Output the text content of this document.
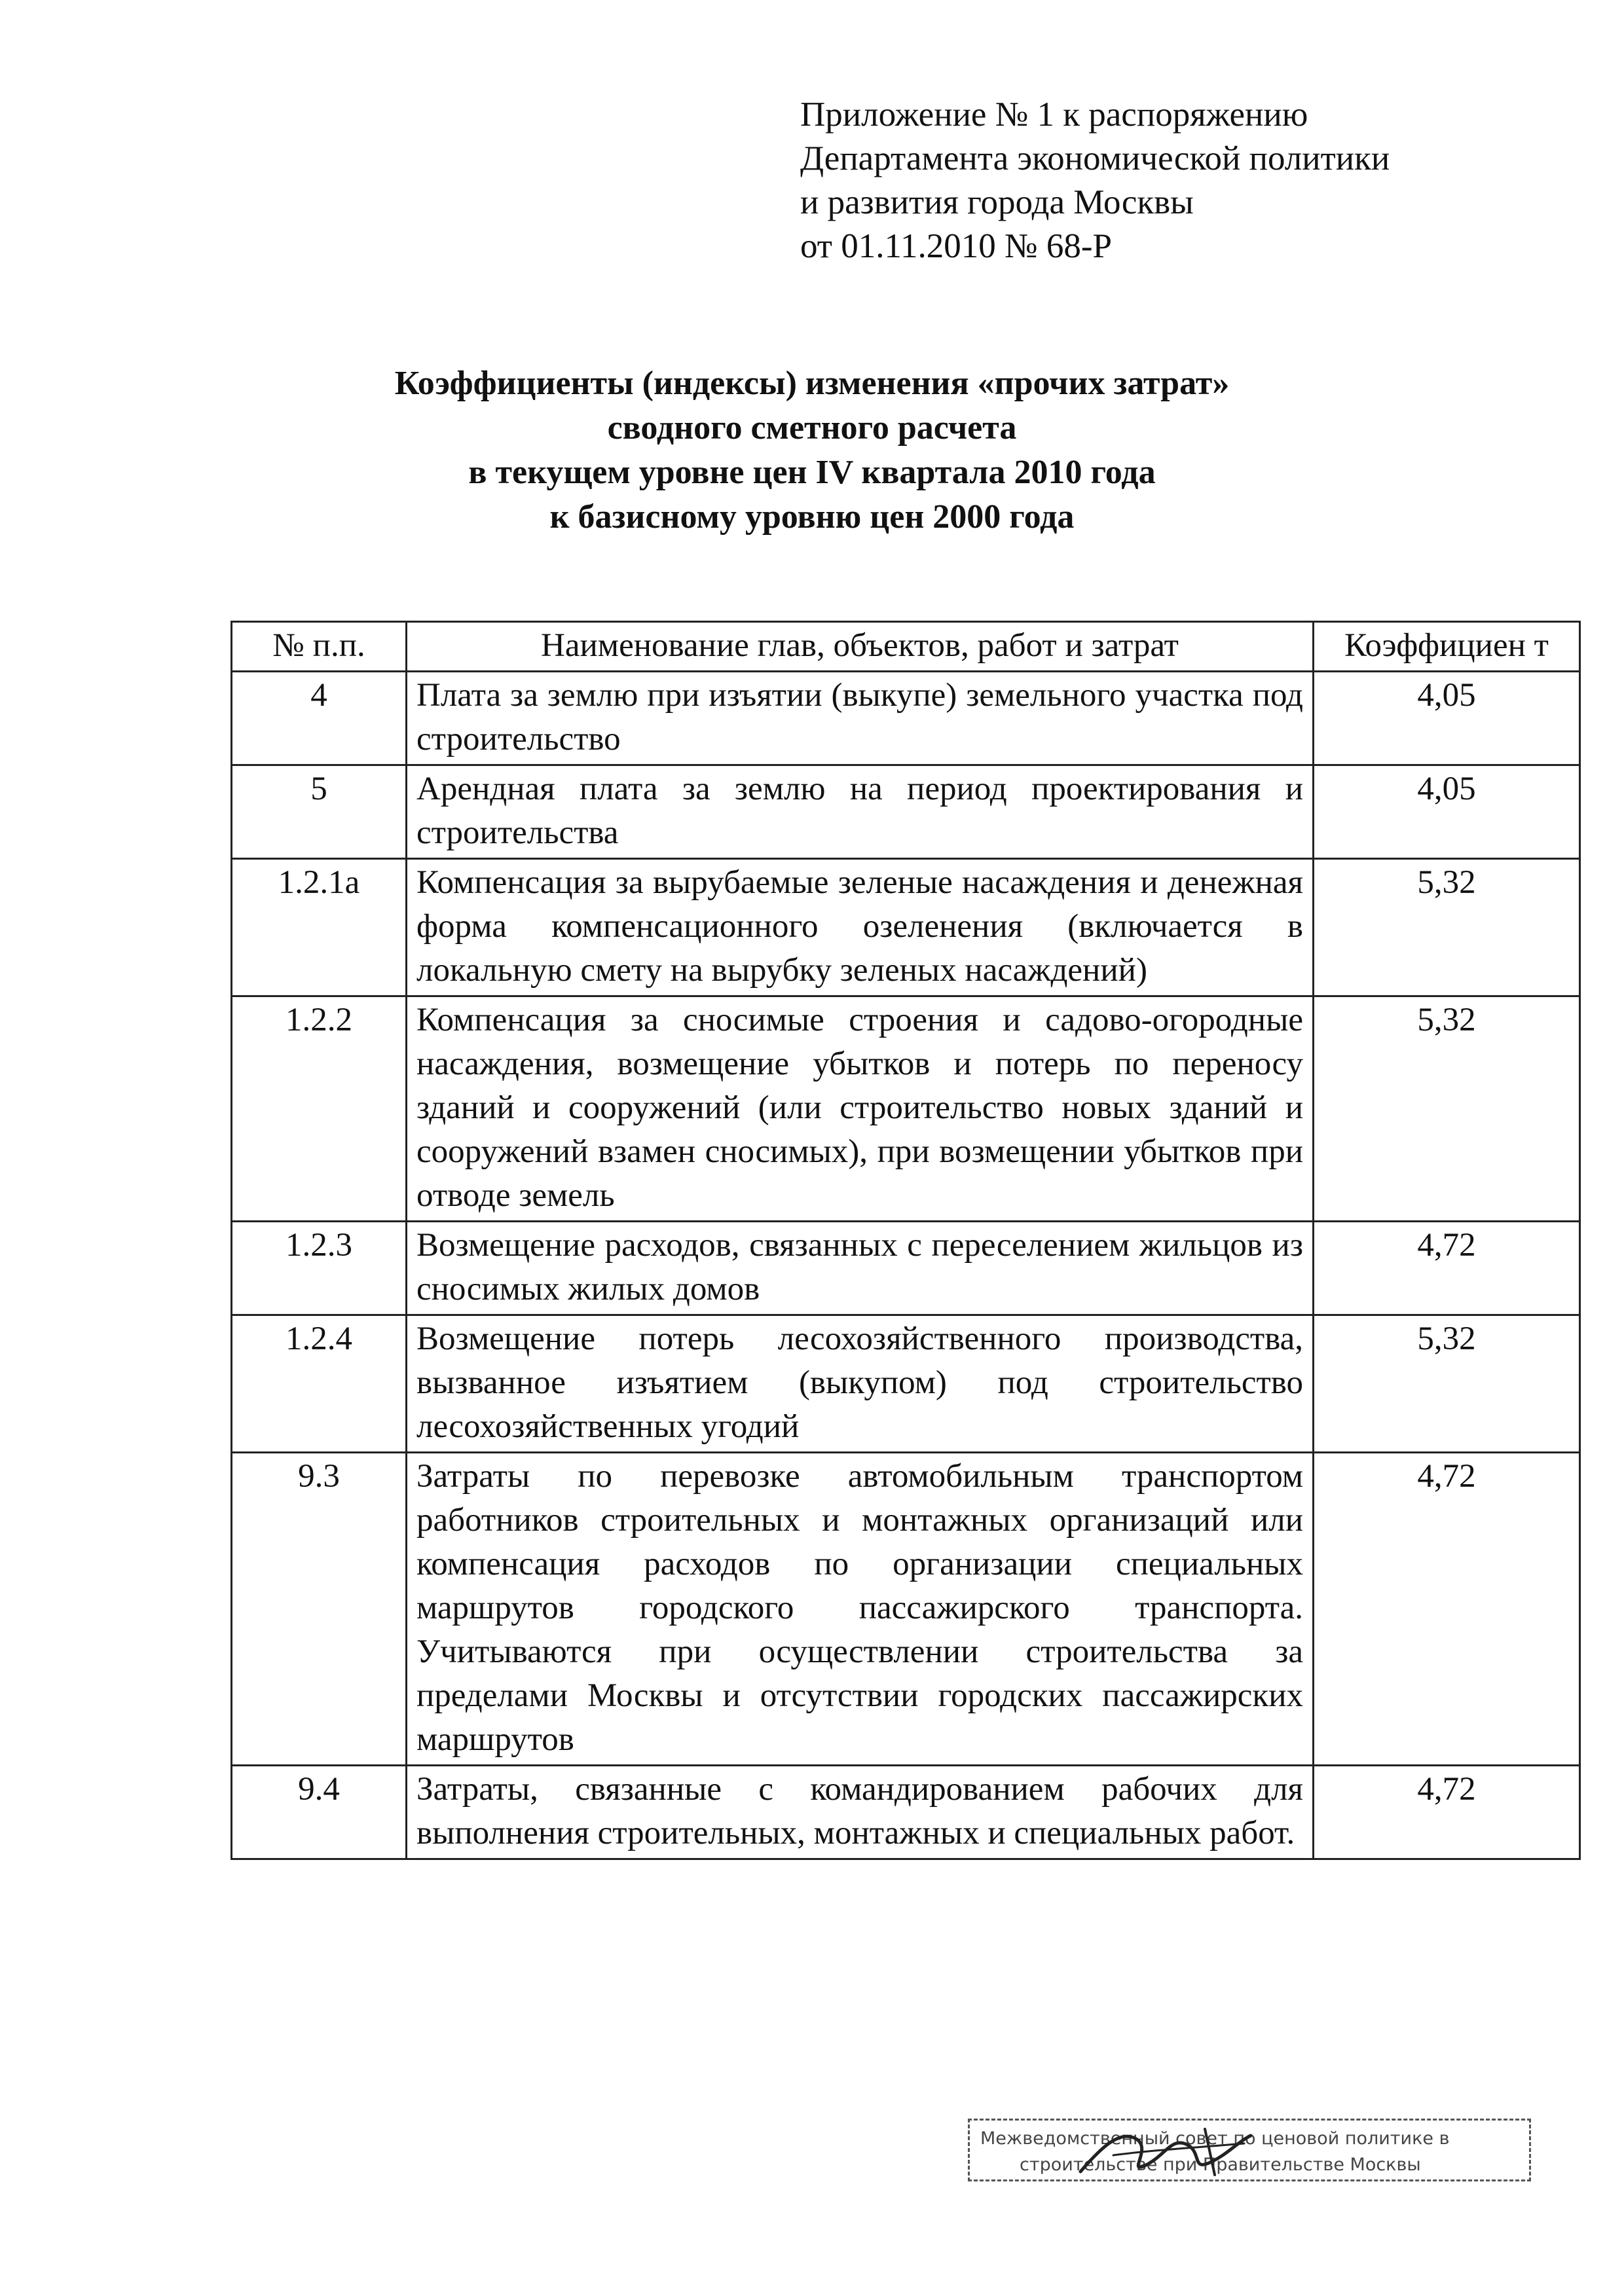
Приложение № 1 к распоряжению
Департамента экономической политики
и развития города Москвы
от 01.11.2010 № 68-Р
Коэффициенты (индексы) изменения «прочих затрат»
сводного сметного расчета
в текущем уровне цен IV квартала 2010 года
к базисному уровню цен 2000 года
№ п.п.	Наименование глав, объектов, работ и затрат	Коэффициен т
4	Плата за землю при изъятии (выкупе) земельного участка под строительство	4,05
5	Арендная плата за землю на период проектирования и строительства	4,05
1.2.1а	Компенсация за вырубаемые зеленые насаждения и денежная форма компенсационного озеленения (включается в локальную смету на вырубку зеленых насаждений)	5,32
1.2.2	Компенсация за сносимые строения и садово-огородные насаждения, возмещение убытков и потерь по переносу зданий и сооружений (или строительство новых зданий и сооружений взамен сносимых), при возмещении убытков при отводе земель	5,32
1.2.3	Возмещение расходов, связанных с переселением жильцов из сносимых жилых домов	4,72
1.2.4	Возмещение потерь лесохозяйственного производства, вызванное изъятием (выкупом) под строительство лесохозяйственных угодий	5,32
9.3	Затраты по перевозке автомобильным транспортом работников строительных и монтажных организаций или компенсация расходов по организации специальных маршрутов городского пассажирского транспорта. Учитываются при осуществлении строительства за пределами Москвы и отсутствии городских пассажирских маршрутов	4,72
9.4	Затраты, связанные с командированием рабочих для выполнения строительных, монтажных и специальных работ.	4,72
Межведомственный совет по ценовой политике в
строительстве при Правительстве Москвы
